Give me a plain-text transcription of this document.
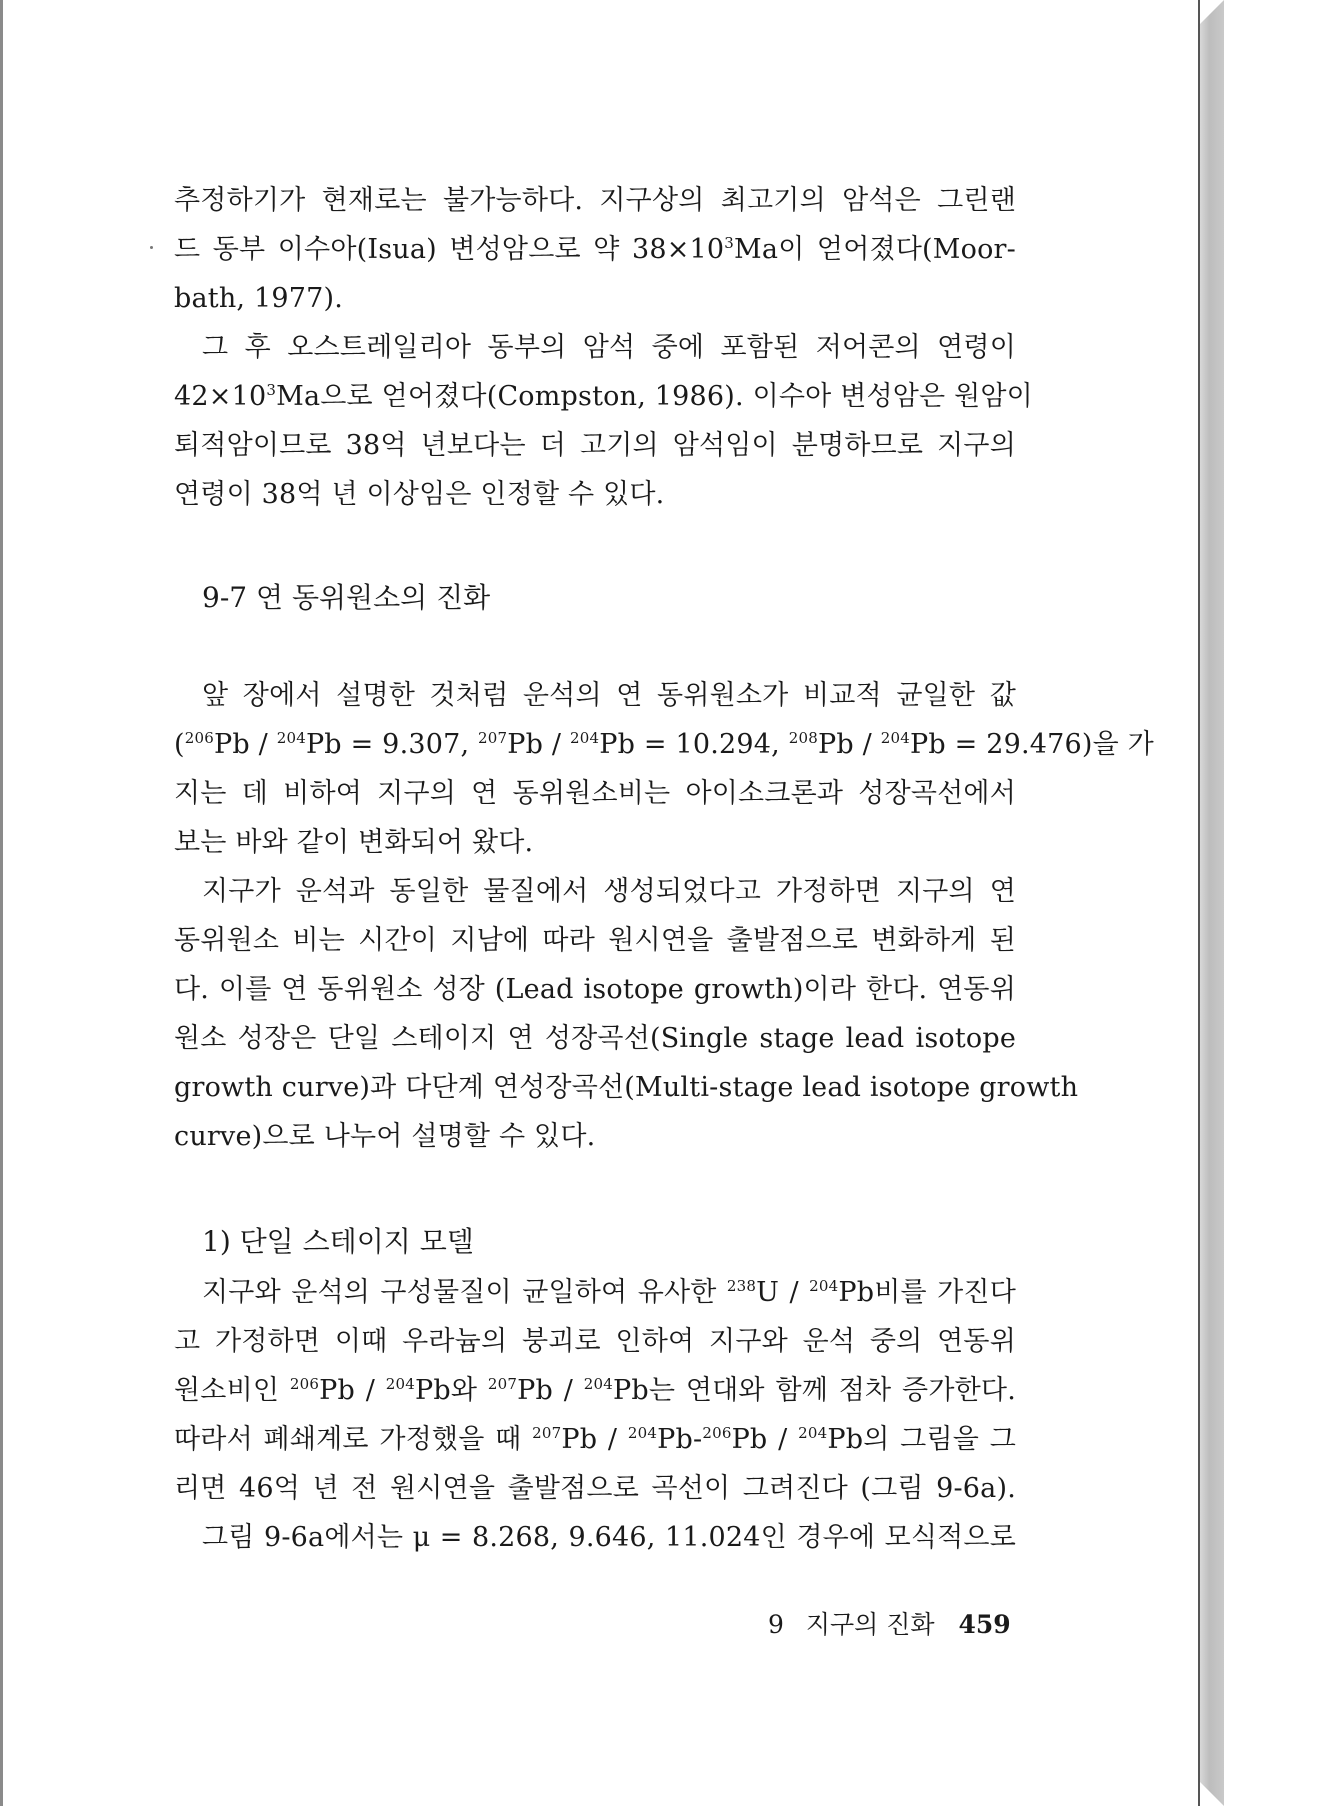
추정하기가 현재로는 불가능하다. 지구상의 최고기의 암석은 그린랜
드 동부 이수아(Isua) 변성암으로 약 $38\times 10^3Ma$이 얻어졌다(Moor-
bath, 1977).
그 후 오스트레일리아 동부의 암석 중에 포함된 저어콘의 연령이
$42\times 10^3Ma$으로 얻어졌다(Compston, 1986). 이수아 변성암은 원암이
퇴적암이므로 38억 년보다는 더 고기의 암석임이 분명하므로 지구의
연령이 38억 년 이상임은 인정할 수 있다.
9-7 연 동위원소의 진화
앞 장에서 설명한 것처럼 운석의 연 동위원소가 비교적 균일한 값
($^{206}$Pb / $^{204}$Pb = 9.307, $^{207}$Pb / $^{204}$Pb = 10.294, $^{208}$Pb / $^{204}$Pb = 29.476)을 가
지는 데 비하여 지구의 연 동위원소비는 아이소크론과 성장곡선에서
보는 바와 같이 변화되어 왔다.
지구가 운석과 동일한 물질에서 생성되었다고 가정하면 지구의 연
동위원소 비는 시간이 지남에 따라 원시연을 출발점으로 변화하게 된
다. 이를 연 동위원소 성장 (Lead isotope growth)이라 한다. 연동위
원소 성장은 단일 스테이지 연 성장곡선(Single stage lead isotope
growth curve)과 다단계 연성장곡선(Multi-stage lead isotope growth
curve)으로 나누어 설명할 수 있다.
1) 단일 스테이지 모델
지구와 운석의 구성물질이 균일하여 유사한 $^{238}$U / $^{204}$Pb비를 가진다
고 가정하면 이때 우라늄의 붕괴로 인하여 지구와 운석 중의 연동위
원소비인 $^{206}$Pb / $^{204}$Pb와 $^{207}$Pb / $^{204}$Pb는 연대와 함께 점차 증가한다.
따라서 폐쇄계로 가정했을 때 $^{207}$Pb / $^{204}$Pb-$^{206}$Pb / $^{204}$Pb의 그림을 그
리면 46억 년 전 원시연을 출발점으로 곡선이 그려진다 (그림 9-6a).
그림 9-6a에서는 μ = 8.268, 9.646, 11.024인 경우에 모식적으로
9 지구의 진화 459
